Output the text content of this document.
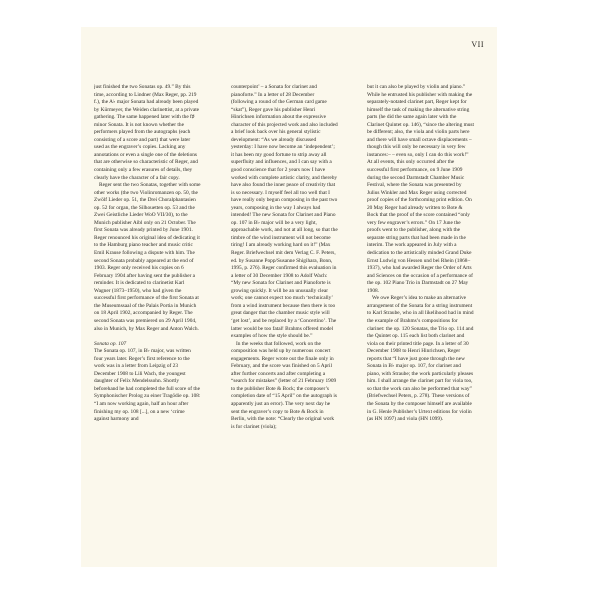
VII

just finished the two Sonatas op. 49.” By this time, according to Lindner (Max Reger, pp. 219 f.), the A♭ major Sonata had already been played by Kürmeyer, the Weiden clarinettist, at a private gathering. The same happened later with the f♯ minor Sonata. It is not known whether the performers played from the autographs (each consisting of a score and part) that were later used as the engraver’s copies. Lacking any annotations or even a single one of the deletions that are otherwise so characteristic of Reger, and containing only a few erasures of details, they clearly have the character of a fair copy.

Reger sent the two Sonatas, together with some other works (the two Violinromanzen op. 50, the Zwölf Lieder op. 51, the Drei Choralphantasien op. 52 for organ, the Silhouetten op. 53 and the Zwei Geistliche Lieder WoO VII/30), to the Munich publisher Aibl only on 21 October. The first Sonata was already printed by June 1901. Reger renounced his original idea of dedicating it to the Hamburg piano teacher and music critic Emil Krause following a dispute with him. The second Sonata probably appeared at the end of 1903. Reger only received his copies on 6 February 1904 after having sent the publisher a reminder. It is dedicated to clarinetist Karl Wagner (1873–1950), who had given the successful first performance of the first Sonata at the Museumssaal of the Palais Portia in Munich on 18 April 1902, accompanied by Reger. The second Sonata was premiered on 29 April 1904, also in Munich, by Max Reger and Anton Walch.

Sonata op. 107

The Sonata op. 107, in B♭ major, was written four years later. Reger’s first reference to the work was in a letter from Leipzig of 23 December 1908 to Lili Wach, the youngest daughter of Felix Mendelssohn. Shortly beforehand he had completed the full score of the Symphonischer Prolog zu einer Tragödie op. 108: “I am now working again, half an hour after finishing my op. 108 [...], on a new ‘crime against harmony and

counterpoint’ – a Sonata for clarinet and pianoforte.” In a letter of 28 December (following a round of the German card game “skat”), Reger gave his publisher Henri Hinrichsen information about the expressive character of this projected work and also included a brief look back over his general stylistic development: “As we already discussed yesterday: I have now become an ‘independent’; it has been my good fortune to strip away all superfluity and influences, and I can say with a good conscience that for 2 years now I have worked with complete artistic clarity, and thereby have also found the inner peace of creativity that is so necessary. I myself feel all too well that I have really only begun composing in the past two years, composing in the way I always had intended! The new Sonata for Clarinet and Piano op. 107 in B♭ major will be a very light, approachable work, and not at all long, so that the timbre of the wind instrument will not become tiring! I am already working hard on it!” (Max Reger. Briefwechsel mit dem Verlag C. F. Peters, ed. by Susanne Popp/Susanne Shigihara, Bonn, 1995, p. 276). Reger confirmed this evaluation in a letter of 30 December 1908 to Adolf Wach: “My new Sonata for Clarinet and Pianoforte is growing quickly. It will be an unusually clear work; one cannot expect too much ‘technically’ from a wind instrument because then there is too great danger that the chamber music style will ‘get lost’, and be replaced by a ‘Concertino’. The latter would be too fatal! Brahms offered model examples of how the style should be.”

In the weeks that followed, work on the composition was held up by numerous concert engagements. Reger wrote out the finale only in February, and the score was finished on 5 April after further concerts and after completing a “search for mistakes” (letter of 21 February 1909 to the publisher Bote & Bock; the composer’s completion date of “15 April” on the autograph is apparently just an error). The very next day he sent the engraver’s copy to Bote & Bock in Berlin, with the note: “Clearly the original work is for clarinet (viola);

but it can also be played by violin and piano.” While he entrusted his publisher with making the separately-notated clarinet part, Reger kept for himself the task of making the alternative string parts (he did the same again later with the Clarinet Quintet op. 146), “since the altering must be different; also, the viola and violin parts here and there will have small octave displacements – though this will only be necessary in very few instances:– – even so, only I can do this work!” At all events, this only occurred after the successful first performance, on 9 June 1909 during the second Darmstadt Chamber Music Festival, where the Sonata was presented by Julius Winkler and Max Reger using corrected proof copies of the forthcoming print edition. On 20 May Reger had already written to Bote & Bock that the proof of the score contained “only very few engraver’s errors.” On 17 June the proofs went to the publisher, along with the separate string parts that had been made in the interim. The work appeared in July with a dedication to the artistically minded Grand Duke Ernst Ludwig von Hessen und bei Rhein (1868–1937), who had awarded Reger the Order of Arts and Sciences on the occasion of a performance of the op. 102 Piano Trio in Darmstadt on 27 May 1908.

We owe Reger’s idea to make an alternative arrangement of the Sonata for a string instrument to Karl Straube, who in all likelihood had in mind the example of Brahms’s compositions for clarinet: the op. 120 Sonatas, the Trio op. 114 and the Quintet op. 115 each list both clarinet and viola on their printed title page. In a letter of 30 December 1908 to Henri Hinrichsen, Reger reports that “I have just gone through the new Sonata in B♭ major op. 107, for clarinet and piano, with Straube; the work particularly pleases him. I shall arrange the clarinet part for viola too, so that the work can also be performed that way” (Briefwechsel Peters, p. 278). These versions of the Sonata by the composer himself are available in G. Henle Publisher’s Urtext editions for violin (as HN 1097) and viola (HN 1099).
